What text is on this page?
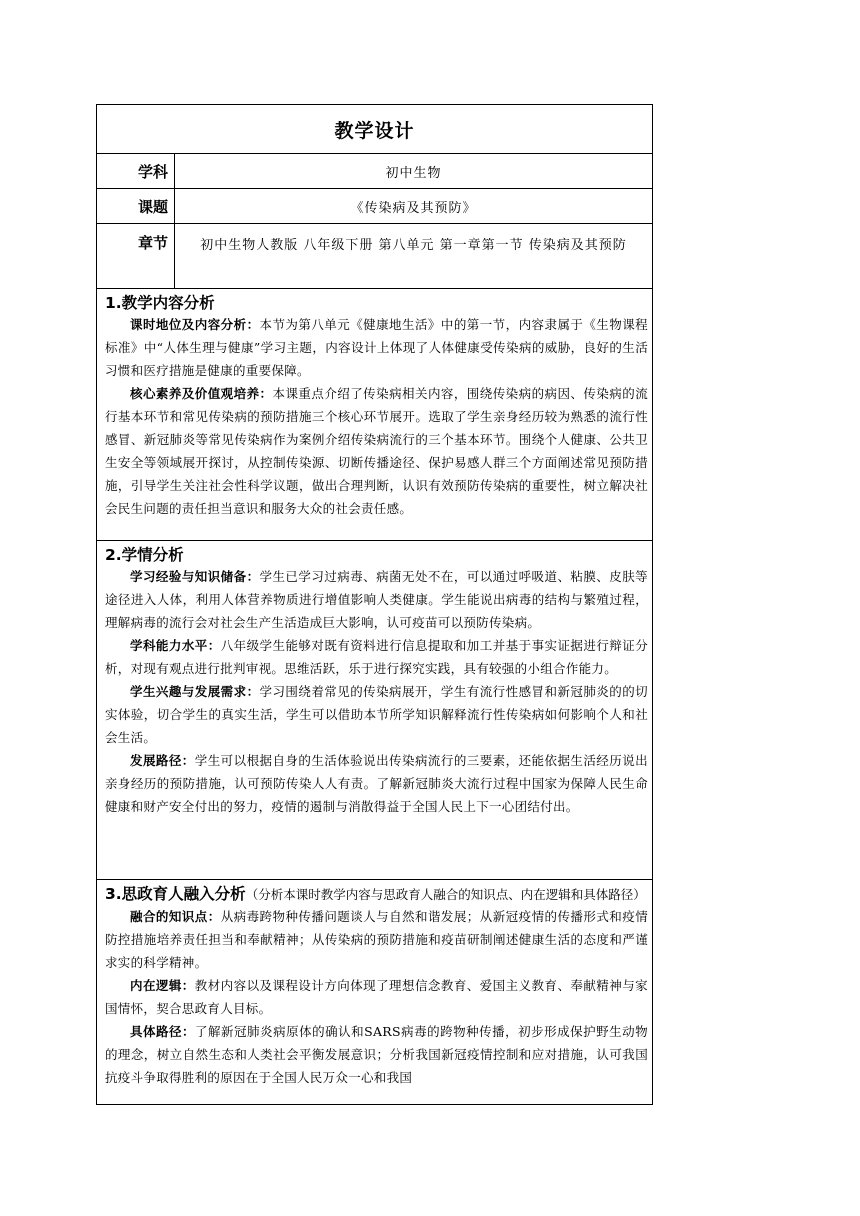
教学设计
学科	初中生物
课题	《传染病及其预防》
章节	初中生物人教版 八年级下册 第八单元 第一章第一节 传染病及其预防
1.教学内容分析

课时地位及内容分析：本节为第八单元《健康地生活》中的第一节，内容隶属于《生物课程标准》中“人体生理与健康”学习主题，内容设计上体现了人体健康受传染病的威胁，良好的生活习惯和医疗措施是健康的重要保障。

核心素养及价值观培养：本课重点介绍了传染病相关内容，围绕传染病的病因、传染病的流行基本环节和常见传染病的预防措施三个核心环节展开。选取了学生亲身经历较为熟悉的流行性感冒、新冠肺炎等常见传染病作为案例介绍传染病流行的三个基本环节。围绕个人健康、公共卫生安全等领域展开探讨，从控制传染源、切断传播途径、保护易感人群三个方面阐述常见预防措施，引导学生关注社会性科学议题，做出合理判断，认识有效预防传染病的重要性，树立解决社会民生问题的责任担当意识和服务大众的社会责任感。

2.学情分析

学习经验与知识储备：学生已学习过病毒、病菌无处不在，可以通过呼吸道、粘膜、皮肤等途径进入人体，利用人体营养物质进行增值影响人类健康。学生能说出病毒的结构与繁殖过程，理解病毒的流行会对社会生产生活造成巨大影响，认可疫苗可以预防传染病。

学科能力水平：八年级学生能够对既有资料进行信息提取和加工并基于事实证据进行辩证分析，对现有观点进行批判审视。思维活跃，乐于进行探究实践，具有较强的小组合作能力。

学生兴趣与发展需求：学习围绕着常见的传染病展开，学生有流行性感冒和新冠肺炎的的切实体验，切合学生的真实生活，学生可以借助本节所学知识解释流行性传染病如何影响个人和社会生活。

发展路径：学生可以根据自身的生活体验说出传染病流行的三要素，还能依据生活经历说出亲身经历的预防措施，认可预防传染人人有责。了解新冠肺炎大流行过程中国家为保障人民生命健康和财产安全付出的努力，疫情的遏制与消散得益于全国人民上下一心团结付出。

3.思政育人融入分析（分析本课时教学内容与思政育人融合的知识点、内在逻辑和具体路径）

融合的知识点：从病毒跨物种传播问题谈人与自然和谐发展；从新冠疫情的传播形式和疫情防控措施培养责任担当和奉献精神；从传染病的预防措施和疫苗研制阐述健康生活的态度和严谨求实的科学精神。

内在逻辑：教材内容以及课程设计方向体现了理想信念教育、爱国主义教育、奉献精神与家国情怀，契合思政育人目标。

具体路径：了解新冠肺炎病原体的确认和SARS病毒的跨物种传播，初步形成保护野生动物的理念，树立自然生态和人类社会平衡发展意识；分析我国新冠疫情控制和应对措施，认可我国抗疫斗争取得胜利的原因在于全国人民万众一心和我国
